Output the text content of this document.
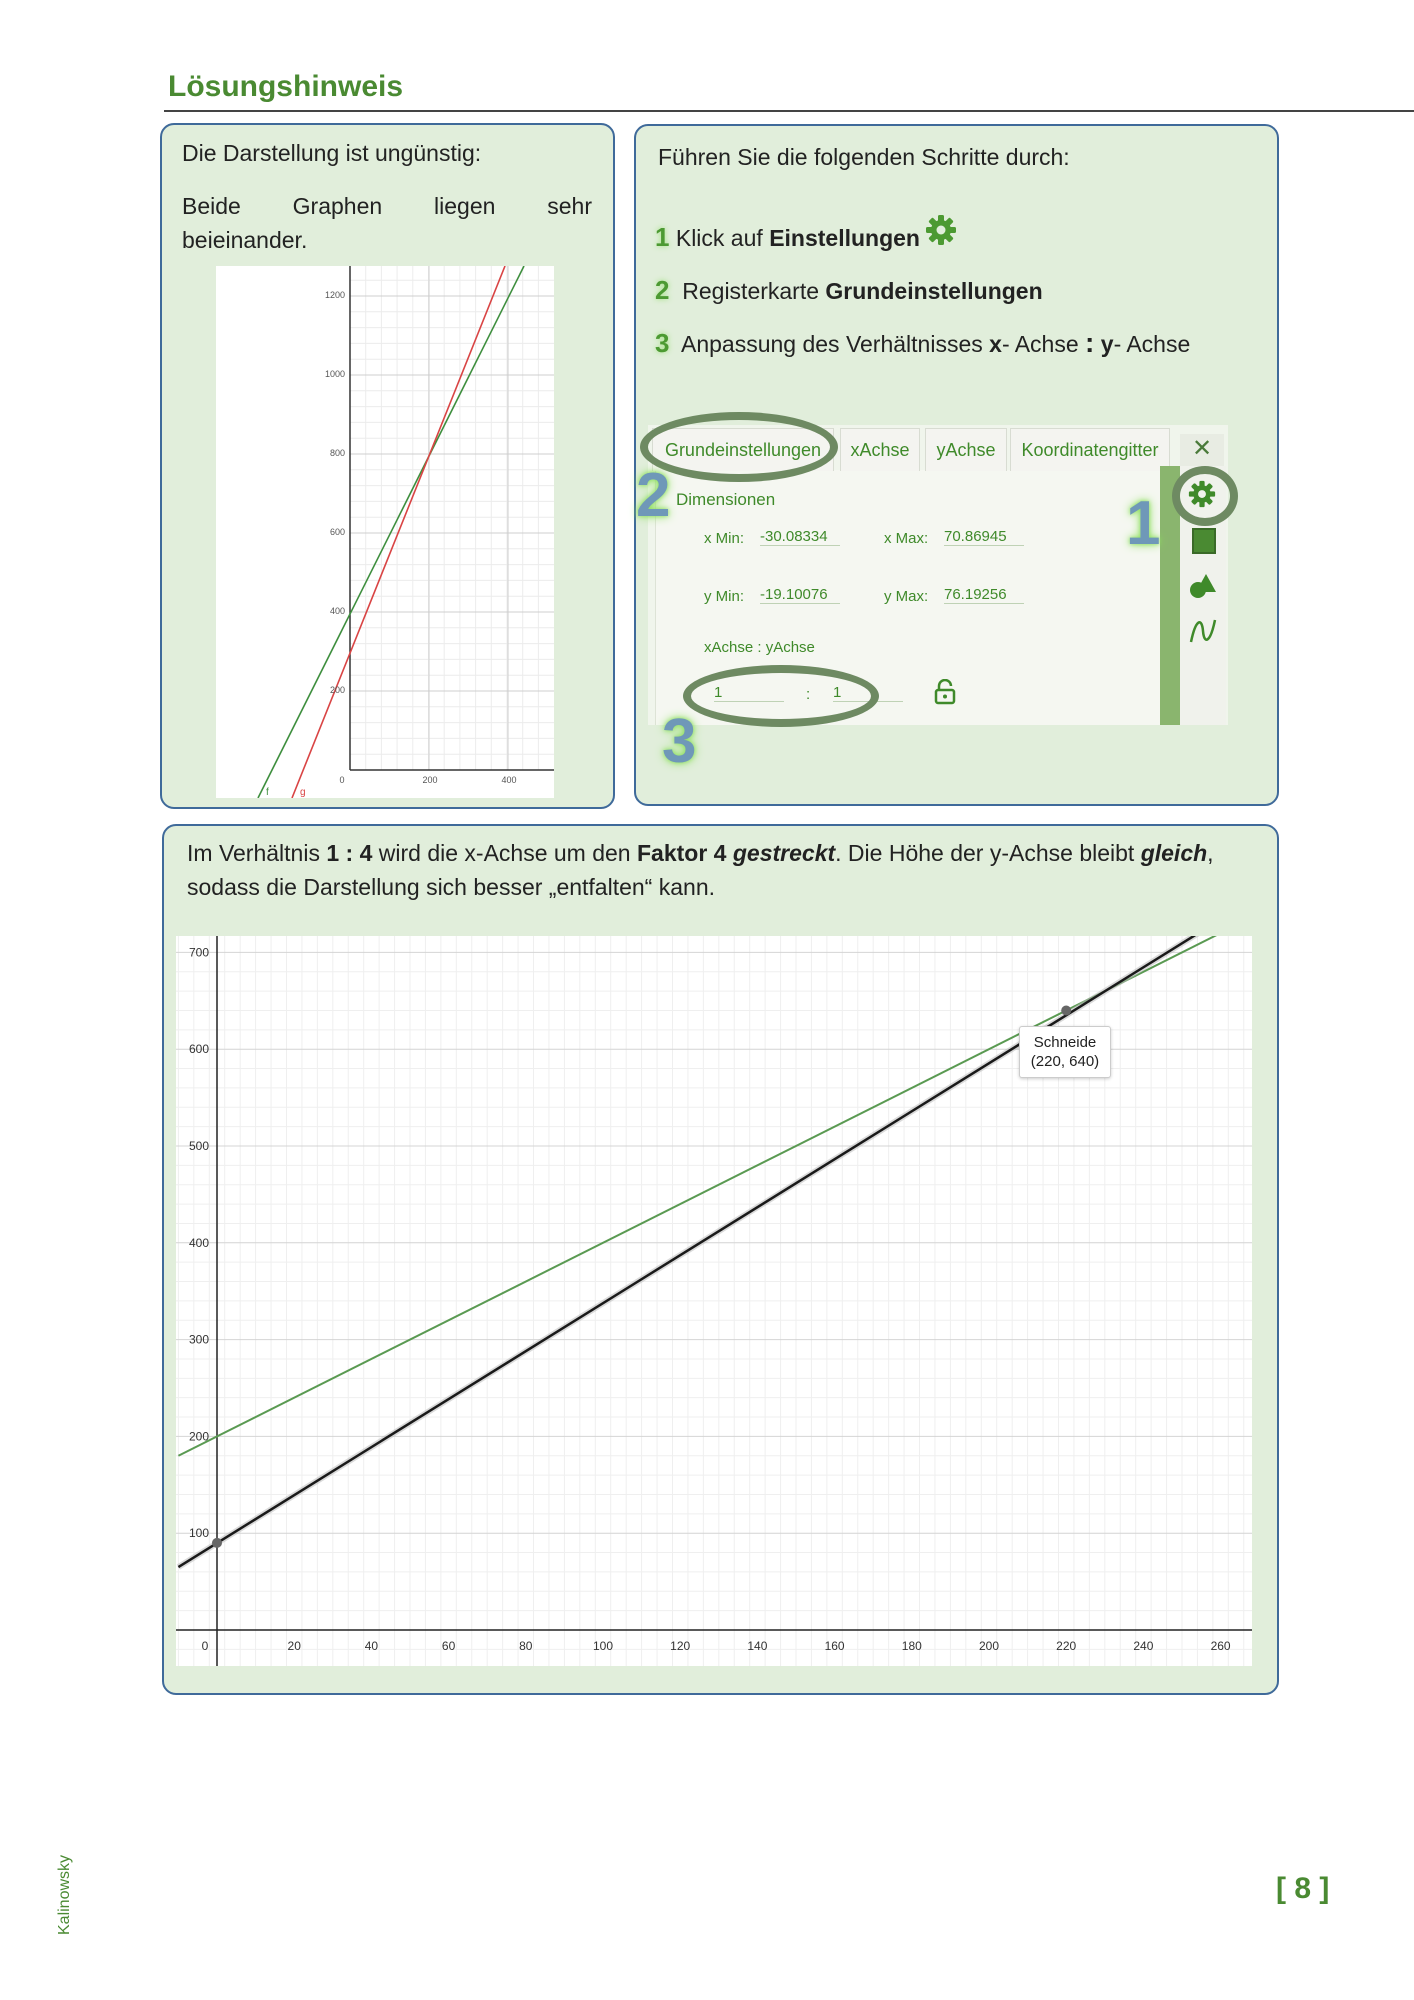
Lösungshinweis
Die Darstellung ist ungünstig:
Beide Graphen liegen sehr
beieinander.
1200
1000
800
600
400
200
0	200	400
f	g
Führen Sie die folgenden Schritte durch:
1 Klick auf Einstellungen
2 Registerkarte Grundeinstellungen
3 Anpassung des Verhältnisses x- Achse : y- Achse
Grundeinstellungen	xAchse	yAchse	Koordinatengitter	✕
Dimensionen
x Min: -30.08334	x Max: 70.86945
y Min: -19.10076	y Max: 76.19256
xAchse : yAchse
1	: 1
1
2
3
Im Verhältnis 1 : 4 wird die x-Achse um den Faktor 4 gestreckt. Die Höhe der y-Achse bleibt gleich,
sodass die Darstellung sich besser „entfalten“ kann.
0	20	40	60	80	100	120	140	160	180	200	220	240	260
100
200
300
400
500
600
700
Schneide
(220, 640)
Kalinowsky	[ 8 ]
